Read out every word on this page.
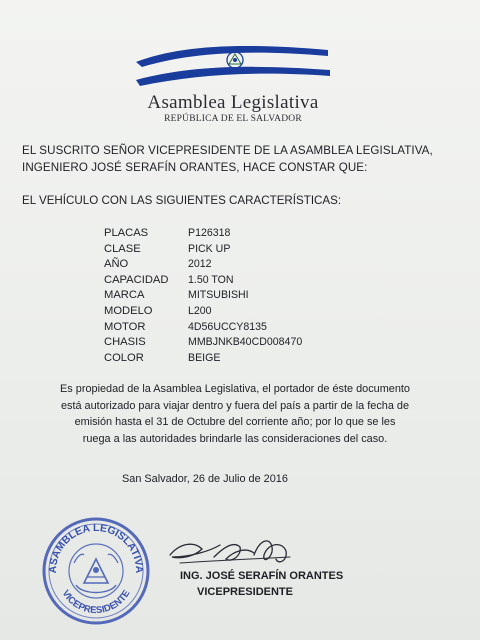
Asamblea Legislativa
REPÚBLICA DE EL SALVADOR
EL SUSCRITO SEÑOR VICEPRESIDENTE DE LA ASAMBLEA LEGISLATIVA,
INGENIERO JOSÉ SERAFÍN ORANTES, HACE CONSTAR QUE:
EL VEHÍCULO CON LAS SIGUIENTES CARACTERÍSTICAS:
PLACAS	P126318
CLASE	PICK UP
AÑO	2012
CAPACIDAD	1.50 TON
MARCA	MITSUBISHI
MODELO	L200
MOTOR	4D56UCCY8135
CHASIS	MMBJNKB40CD008470
COLOR	BEIGE
Es propiedad de la Asamblea Legislativa, el portador de éste documento
está autorizado para viajar dentro y fuera del país a partir de la fecha de
emisión hasta el 31 de Octubre del corriente año; por lo que se les
ruega a las autoridades brindarle las consideraciones del caso.
San Salvador, 26 de Julio de 2016
ASAMBLEA LEGISLATIVA
VICEPRESIDENTE
ING. JOSÉ SERAFÍN ORANTES
VICEPRESIDENTE
